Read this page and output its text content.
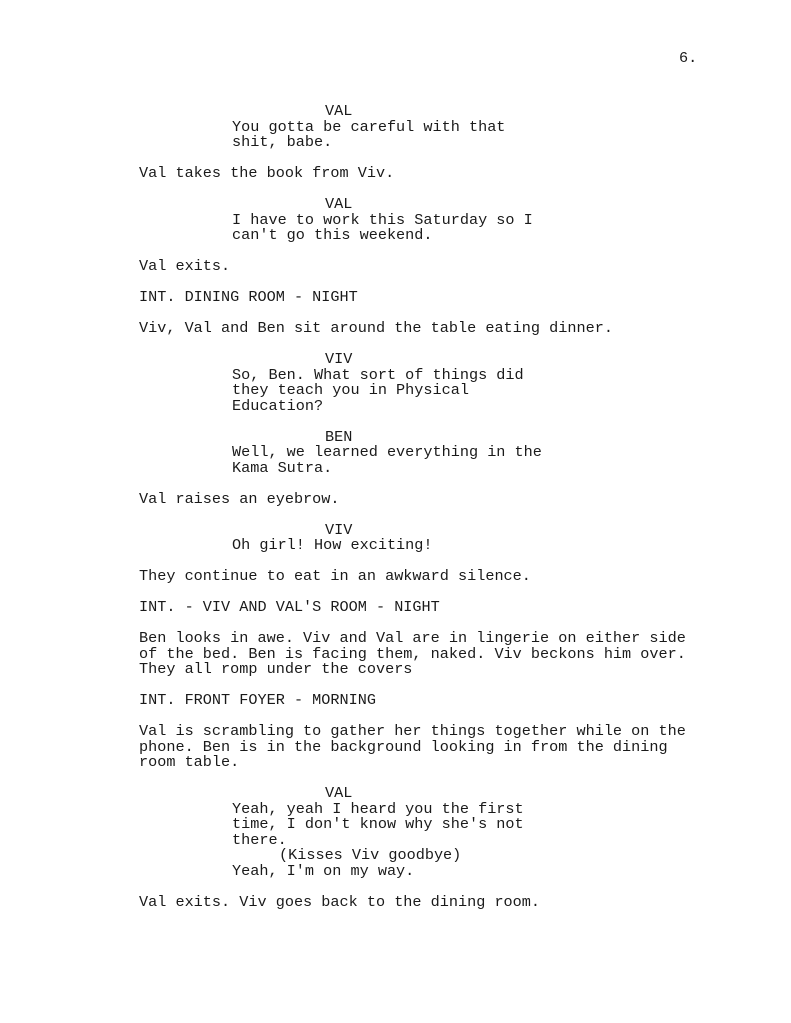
6.
VAL
You gotta be careful with that
shit, babe.
Val takes the book from Viv.
VAL
I have to work this Saturday so I
can't go this weekend.
Val exits.
INT. DINING ROOM - NIGHT
Viv, Val and Ben sit around the table eating dinner.
VIV
So, Ben. What sort of things did
they teach you in Physical
Education?
BEN
Well, we learned everything in the
Kama Sutra.
Val raises an eyebrow.
VIV
Oh girl! How exciting!
They continue to eat in an awkward silence.
INT. - VIV AND VAL'S ROOM - NIGHT
Ben looks in awe. Viv and Val are in lingerie on either side
of the bed. Ben is facing them, naked. Viv beckons him over.
They all romp under the covers
INT. FRONT FOYER - MORNING
Val is scrambling to gather her things together while on the
phone. Ben is in the background looking in from the dining
room table.
VAL
Yeah, yeah I heard you the first
time, I don't know why she's not
there.
(Kisses Viv goodbye)
Yeah, I'm on my way.
Val exits. Viv goes back to the dining room.
